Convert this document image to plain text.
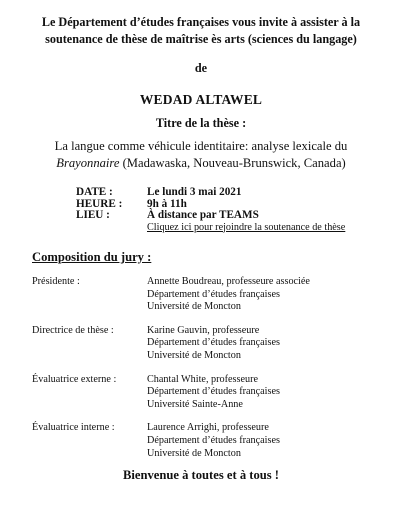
Le Département d’études françaises vous invite à assister à la
soutenance de thèse de maîtrise ès arts (sciences du langage)
de
WEDAD ALTAWEL
Titre de la thèse :
La langue comme véhicule identitaire: analyse lexicale du
Brayonnaire (Madawaska, Nouveau-Brunswick, Canada)
DATE :	Le lundi 3 mai 2021
HEURE :	9h à 11h
LIEU :	À distance par TEAMS
Cliquez ici pour rejoindre la soutenance de thèse
Composition du jury :
Présidente :	Annette Boudreau, professeure associée
Département d’études françaises
Université de Moncton
Directrice de thèse :	Karine Gauvin, professeure
Département d’études françaises
Université de Moncton
Évaluatrice externe :	Chantal White, professeure
Département d’études françaises
Université Sainte-Anne
Évaluatrice interne :	Laurence Arrighi, professeure
Département d’études françaises
Université de Moncton
Bienvenue à toutes et à tous !
